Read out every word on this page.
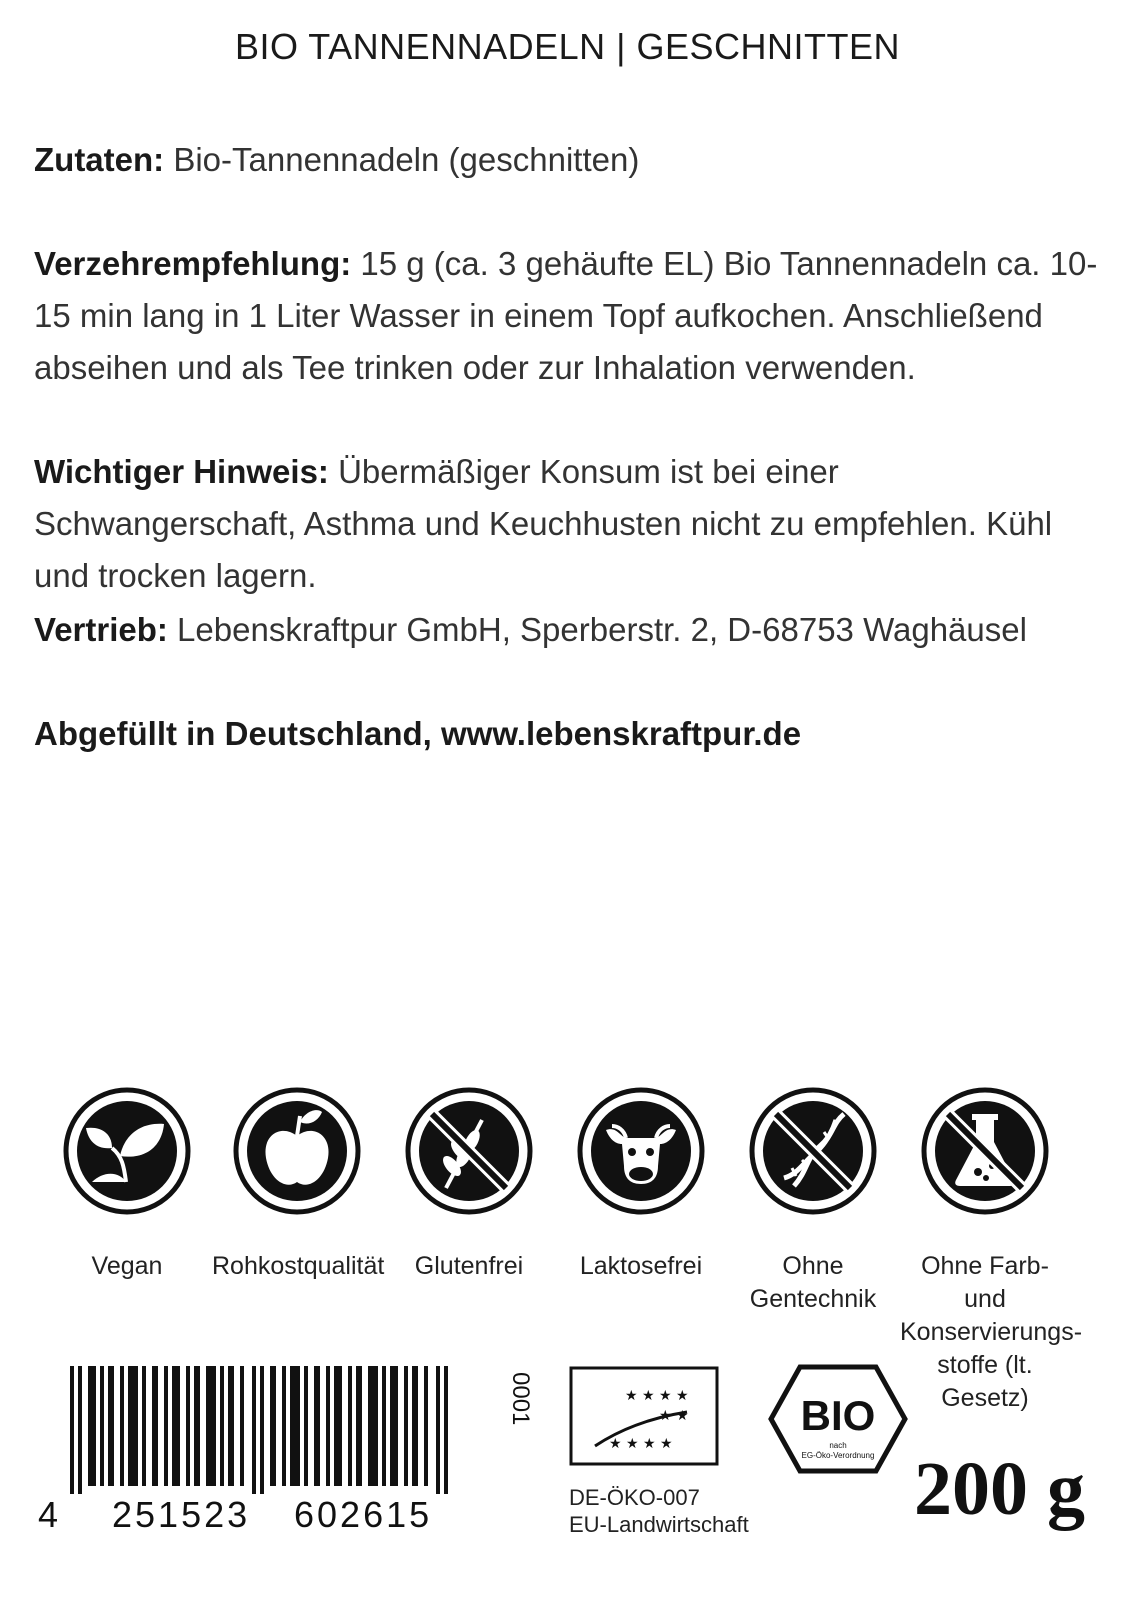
BIO TANNENNADELN | GESCHNITTEN
Zutaten: Bio-Tannennadeln (geschnitten)
Verzehrempfehlung: 15 g (ca. 3 gehäufte EL) Bio Tannennadeln ca. 10-15 min lang in 1 Liter Wasser in einem Topf aufkochen. Anschließend abseihen und als Tee trinken oder zur Inhalation verwenden.
Wichtiger Hinweis: Übermäßiger Konsum ist bei einer Schwangerschaft, Asthma und Keuchhusten nicht zu empfehlen. Kühl und trocken lagern.
Vertrieb: Lebenskraftpur GmbH, Sperberstr. 2, D-68753 Waghäusel
Abgefüllt in Deutschland, www.lebenskraftpur.de
Vegan	Rohkostqualität	Glutenfrei	Laktosefrei	Ohne
Gentechnik
Ohne Farb- und
Konservierungs-
stoffe (lt. Gesetz)
4 251523 602615
0001	★ ★ ★ ★
★ ★
★ ★ ★ ★
DE-ÖKO-007
EU-Landwirtschaft
BIO
nach
EG-Öko-Verordnung 200 g
